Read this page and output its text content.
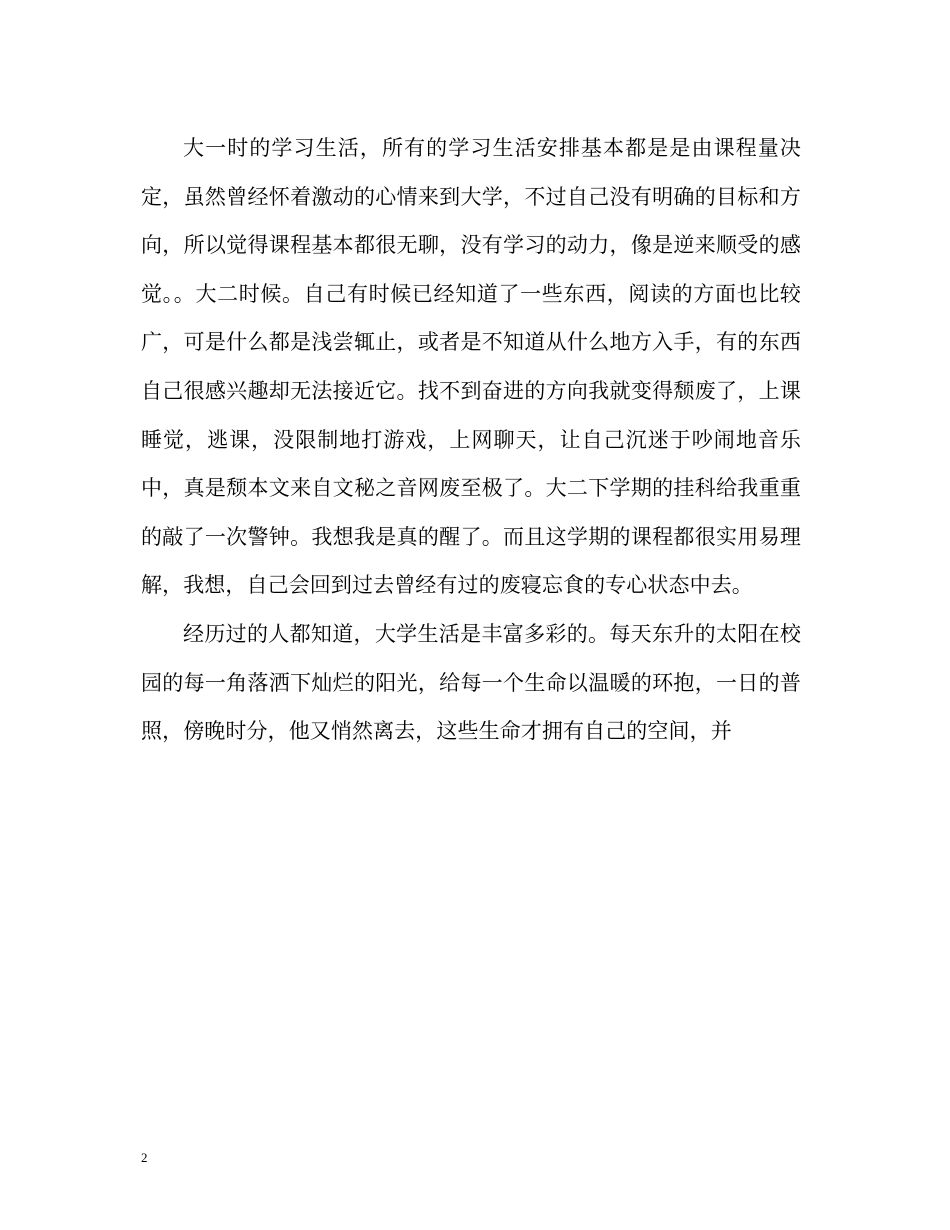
大一时的学习生活，所有的学习生活安排基本都是是由课程量决定，虽然曾经怀着激动的心情来到大学，不过自己没有明确的目标和方向，所以觉得课程基本都很无聊，没有学习的动力，像是逆来顺受的感觉。。大二时候。自己有时候已经知道了一些东西，阅读的方面也比较广，可是什么都是浅尝辄止，或者是不知道从什么地方入手，有的东西自己很感兴趣却无法接近它。找不到奋进的方向我就变得颓废了，上课睡觉，逃课，没限制地打游戏，上网聊天，让自己沉迷于吵闹地音乐中，真是颓本文来自文秘之音网废至极了。大二下学期的挂科给我重重的敲了一次警钟。我想我是真的醒了。而且这学期的课程都很实用易理解，我想，自己会回到过去曾经有过的废寝忘食的专心状态中去。

经历过的人都知道，大学生活是丰富多彩的。每天东升的太阳在校园的每一角落洒下灿烂的阳光，给每一个生命以温暖的环抱，一日的普照，傍晚时分，他又悄然离去，这些生命才拥有自己的空间，并

2
